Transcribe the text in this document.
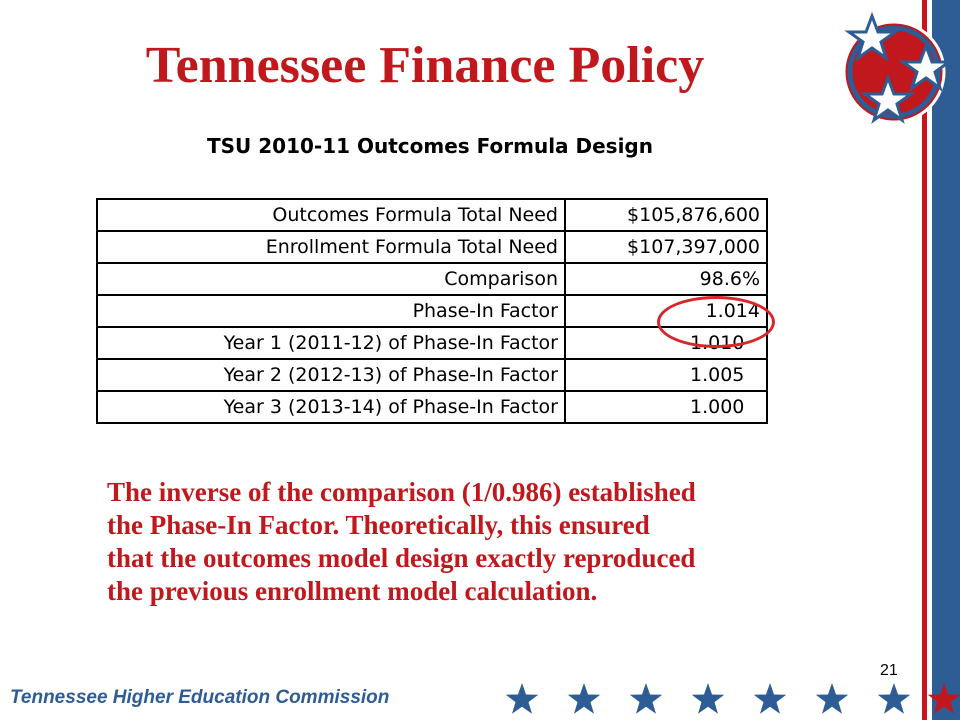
Tennessee Finance Policy
TSU 2010-11 Outcomes Formula Design
Outcomes Formula Total Need	$105,876,600
Enrollment Formula Total Need	$107,397,000
Comparison	98.6%
Phase-In Factor	1.014
Year 1 (2011-12) of Phase-In Factor	1.010
Year 2 (2012-13) of Phase-In Factor	1.005
Year 3 (2013-14) of Phase-In Factor	1.000
The inverse of the comparison (1/0.986) established
the Phase-In Factor. Theoretically, this ensured
that the outcomes model design exactly reproduced
the previous enrollment model calculation.
21
Tennessee Higher Education Commission
